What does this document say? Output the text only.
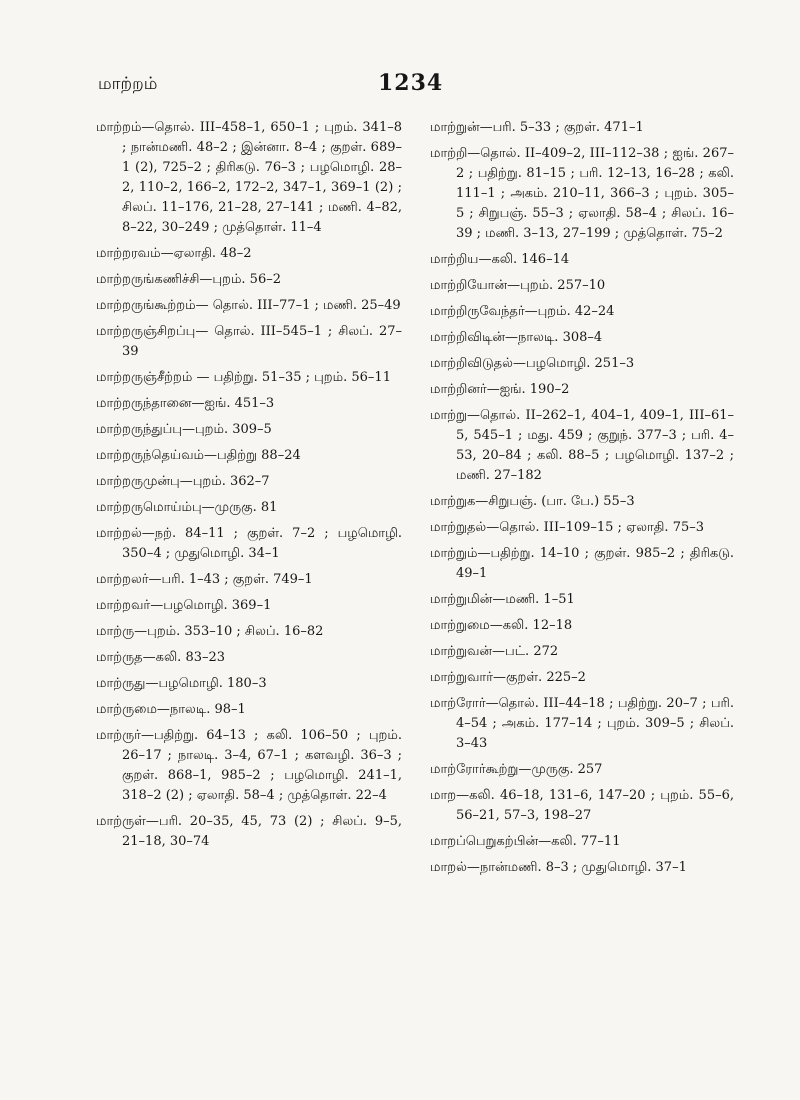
மாற்றம்	1234
மாற்றம்—தொல். III–458–1, 650–1 ; புறம். 341–8 ; நான்மணி. 48–2 ; இன்னா. 8–4 ; குறள். 689–1 (2), 725–2 ; திரிகடு. 76–3 ; பழமொழி. 28–2, 110–2, 166–2, 172–2, 347–1, 369–1 (2) ; சிலப். 11–176, 21–28, 27–141 ; மணி. 4–82, 8–22, 30–249 ; முத்தொள். 11–4
மாற்றரவம்—ஏலாதி. 48–2
மாற்றருங்கணிச்சி—புறம். 56–2
மாற்றருங்கூற்றம்— தொல். III–77–1 ; மணி. 25–49
மாற்றருஞ்சிறப்பு— தொல். III–545–1 ; சிலப். 27–39
மாற்றருஞ்சீற்றம் — பதிற்று. 51–35 ; புறம். 56–11
மாற்றருந்தானை—ஐங். 451–3
மாற்றருந்துப்பு—புறம். 309–5
மாற்றருந்தெய்வம்—பதிற்று 88–24
மாற்றருமுன்பு—புறம். 362–7
மாற்றருமொய்ம்பு—முருகு. 81
மாற்றல்—நற். 84–11 ; குறள். 7–2 ; பழமொழி. 350–4 ; முதுமொழி. 34–1
மாற்றலர்—பரி. 1–43 ; குறள். 749–1
மாற்றவர்—பழமொழி. 369–1
மாற்ரு—புறம். 353–10 ; சிலப். 16–82
மாற்ருத—கலி. 83–23
மாற்ருது—பழமொழி. 180–3
மாற்ருமை—நாலடி. 98–1
மாற்ருர்—பதிற்று. 64–13 ; கலி. 106–50 ; புறம். 26–17 ; நாலடி. 3–4, 67–1 ; களவழி. 36–3 ; குறள். 868–1, 985–2 ; பழமொழி. 241–1, 318–2 (2) ; ஏலாதி. 58–4 ; முத்தொள். 22–4
மாற்ருள்—பரி. 20–35, 45, 73 (2) ; சிலப். 9–5, 21–18, 30–74
மாற்றுன்—பரி. 5–33 ; குறள். 471–1
மாற்றி—தொல். II–409–2, III–112–38 ; ஐங். 267–2 ; பதிற்று. 81–15 ; பரி. 12–13, 16–28 ; கலி. 111–1 ; அகம். 210–11, 366–3 ; புறம். 305–5 ; சிறுபஞ். 55–3 ; ஏலாதி. 58–4 ; சிலப். 16–39 ; மணி. 3–13, 27–199 ; முத்தொள். 75–2
மாற்றிய—கலி. 146–14
மாற்றியோன்—புறம். 257–10
மாற்றிருவேந்தர்—புறம். 42–24
மாற்றிவிடின்—நாலடி. 308–4
மாற்றிவிடுதல்—பழமொழி. 251–3
மாற்றினர்—ஐங். 190–2
மாற்று—தொல். II–262–1, 404–1, 409–1, III–61–5, 545–1 ; மது. 459 ; குறுந். 377–3 ; பரி. 4–53, 20–84 ; கலி. 88–5 ; பழமொழி. 137–2 ; மணி. 27–182
மாற்றுக—சிறுபஞ். (பா. பே.) 55–3
மாற்றுதல்—தொல். III–109–15 ; ஏலாதி. 75–3
மாற்றும்—பதிற்று. 14–10 ; குறள். 985–2 ; திரிகடு. 49–1
மாற்றுமின்—மணி. 1–51
மாற்றுமை—கலி. 12–18
மாற்றுவன்—பட். 272
மாற்றுவார்—குறள். 225–2
மாற்ரோர்—தொல். III–44–18 ; பதிற்று. 20–7 ; பரி. 4–54 ; அகம். 177–14 ; புறம். 309–5 ; சிலப். 3–43
மாற்ரோர்கூற்று—முருகு. 257
மாற—கலி. 46–18, 131–6, 147–20 ; புறம். 55–6, 56–21, 57–3, 198–27
மாறப்பெறுகற்பின்—கலி. 77–11
மாறல்—நான்மணி. 8–3 ; முதுமொழி. 37–1
